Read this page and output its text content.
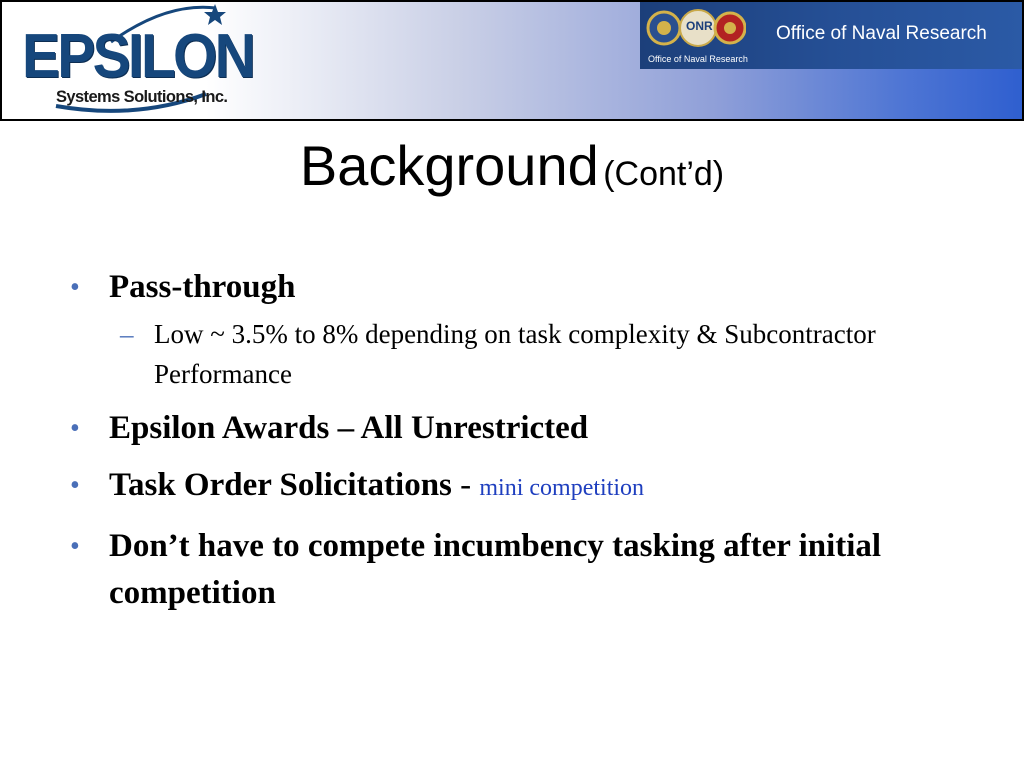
EPSILON
Systems Solutions, Inc.
ONR
Office of Naval Research
Office of Naval Research
Background (Cont’d)
• Pass-through
– Low ~ 3.5% to 8% depending on task complexity & Subcontractor Performance
• Epsilon Awards – All Unrestricted
• Task Order Solicitations - mini competition
• Don’t have to compete incumbency tasking after initial competition
